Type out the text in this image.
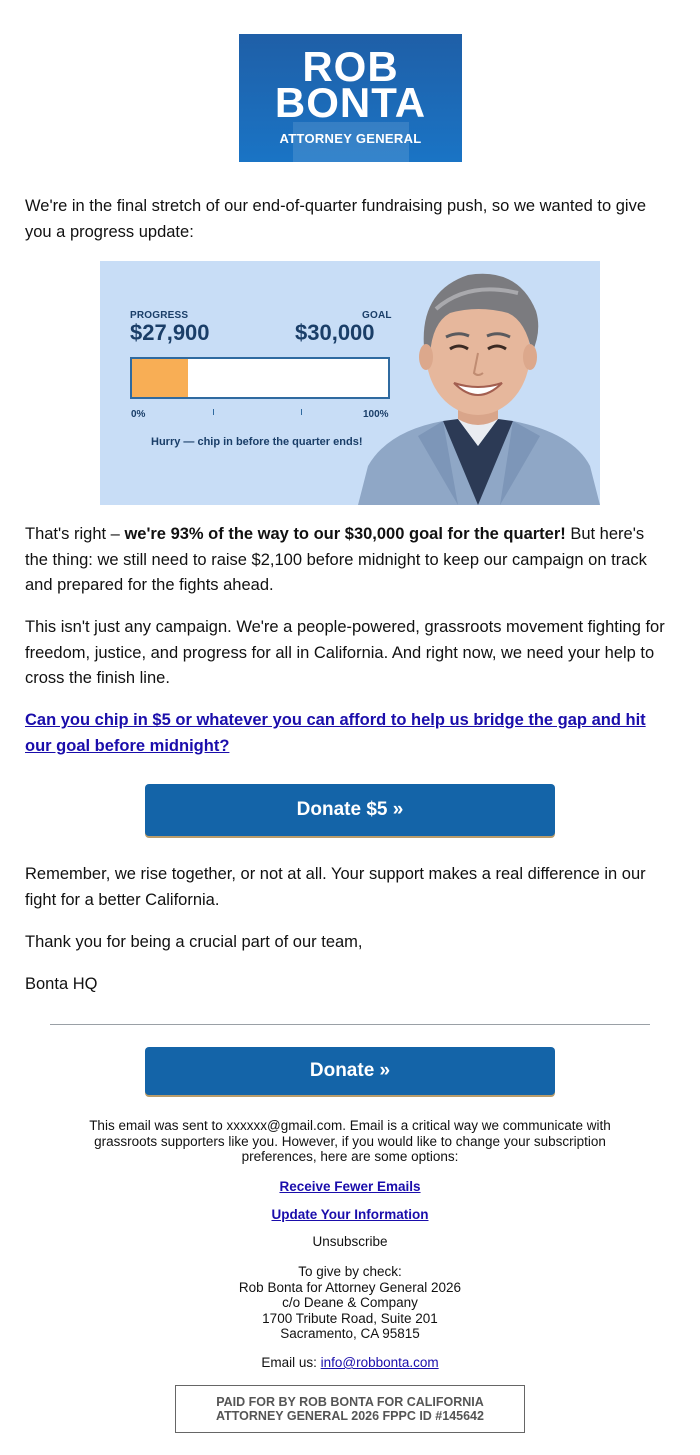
ROB
BONTA
ATTORNEY GENERAL

We're in the final stretch of our end-of-quarter fundraising push, so we wanted to give you a progress update:

PROGRESS
$27,900
GOAL
$30,000
0%	100%
Hurry — chip in before the quarter ends!

That's right – we're 93% of the way to our $30,000 goal for the quarter! But here's the thing: we still need to raise $2,100 before midnight to keep our campaign on track and prepared for the fights ahead.

This isn't just any campaign. We're a people-powered, grassroots movement fighting for freedom, justice, and progress for all in California. And right now, we need your help to cross the finish line.

Can you chip in $5 or whatever you can afford to help us bridge the gap and hit our goal before midnight?

Donate $5 »

Remember, we rise together, or not at all. Your support makes a real difference in our fight for a better California.

Thank you for being a crucial part of our team,

Bonta HQ

Donate »

This email was sent to xxxxxx@gmail.com. Email is a critical way we communicate with grassroots supporters like you. However, if you would like to change your subscription preferences, here are some options:

Receive Fewer Emails
Update Your Information
Unsubscribe
To give by check:
Rob Bonta for Attorney General 2026
c/o Deane & Company
1700 Tribute Road, Suite 201
Sacramento, CA 95815
Email us: info@robbonta.com
PAID FOR BY ROB BONTA FOR CALIFORNIA
ATTORNEY GENERAL 2026 FPPC ID #145642
